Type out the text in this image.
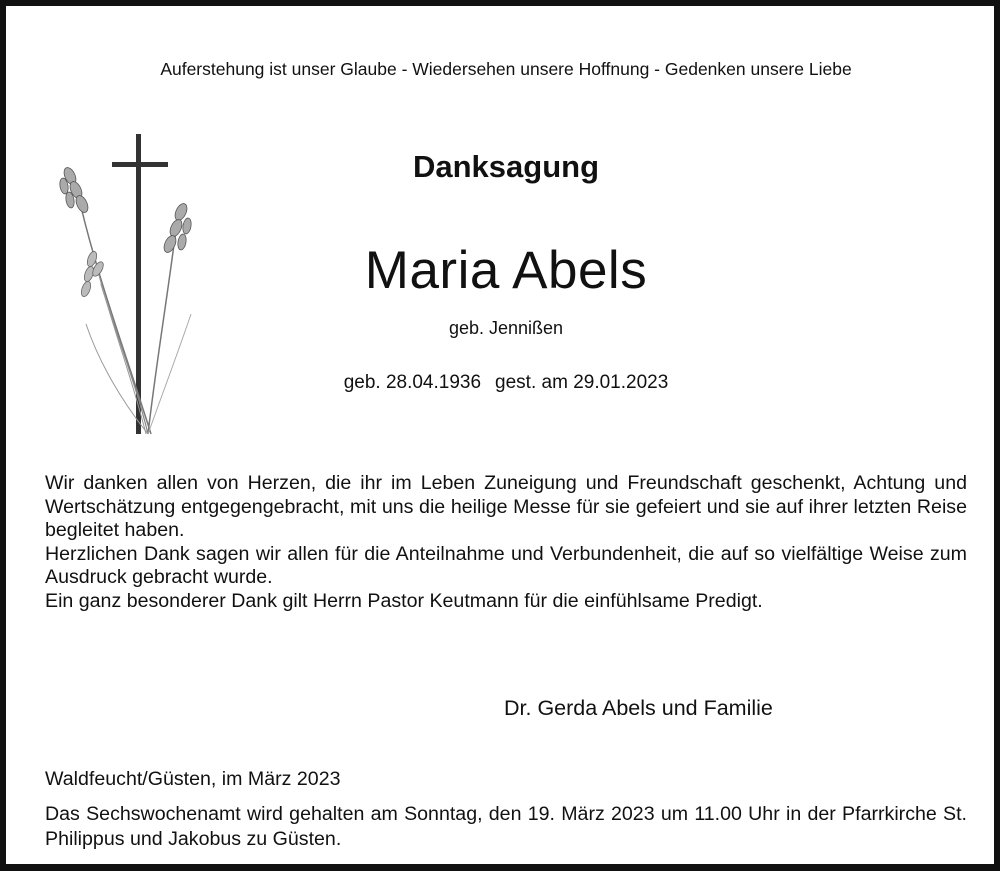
Auferstehung ist unser Glaube - Wiedersehen unsere Hoffnung - Gedenken unsere Liebe
Danksagung
Maria Abels
geb. Jennißen
geb. 28.04.1936 gest. am 29.01.2023

Wir danken allen von Herzen, die ihr im Leben Zuneigung und Freundschaft geschenkt, Achtung und Wertschätzung entgegengebracht, mit uns die heilige Messe für sie gefeiert und sie auf ihrer letzten Reise begleitet haben.

Herzlichen Dank sagen wir allen für die Anteilnahme und Verbundenheit, die auf so vielfältige Weise zum Ausdruck gebracht wurde.

Ein ganz besonderer Dank gilt Herrn Pastor Keutmann für die einfühlsame Predigt.

Dr. Gerda Abels und Familie
Waldfeucht/Güsten, im März 2023
Das Sechswochenamt wird gehalten am Sonntag, den 19. März 2023 um 11.00 Uhr in der Pfarrkirche St. Philippus und Jakobus zu Güsten.
